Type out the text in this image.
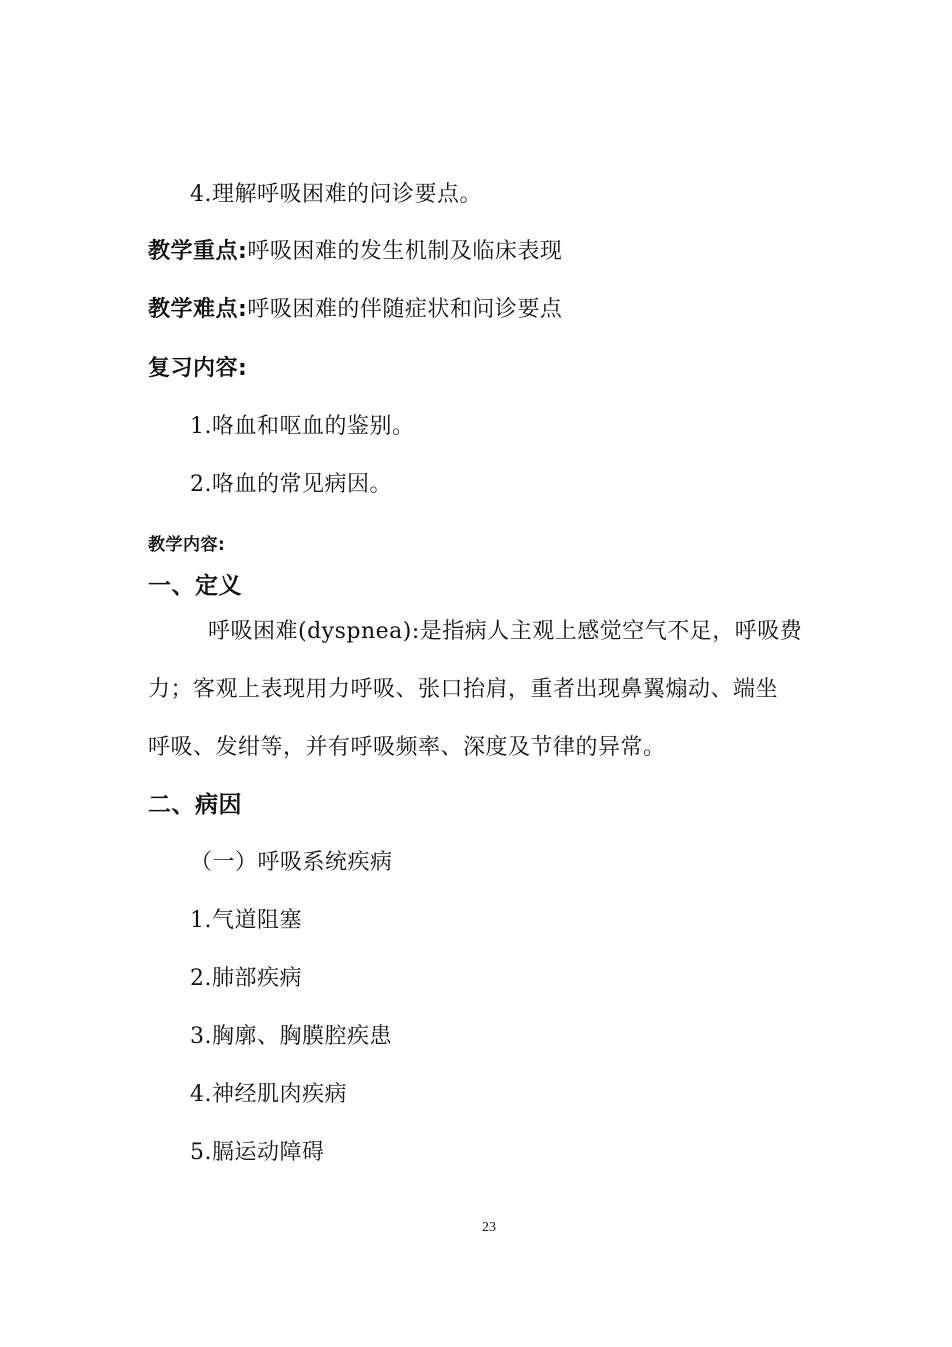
4.理解呼吸困难的问诊要点。
教学重点:呼吸困难的发生机制及临床表现
教学难点:呼吸困难的伴随症状和问诊要点
复习内容:
1.咯血和呕血的鉴别。
2.咯血的常见病因。
教学内容:
一、定义
呼吸困难(dyspnea):是指病人主观上感觉空气不足，呼吸费
力；客观上表现用力呼吸、张口抬肩，重者出现鼻翼煽动、端坐
呼吸、发绀等，并有呼吸频率、深度及节律的异常。
二、病因
（一）呼吸系统疾病
1.气道阻塞
2.肺部疾病
3.胸廓、胸膜腔疾患
4.神经肌肉疾病
5.膈运动障碍
23
